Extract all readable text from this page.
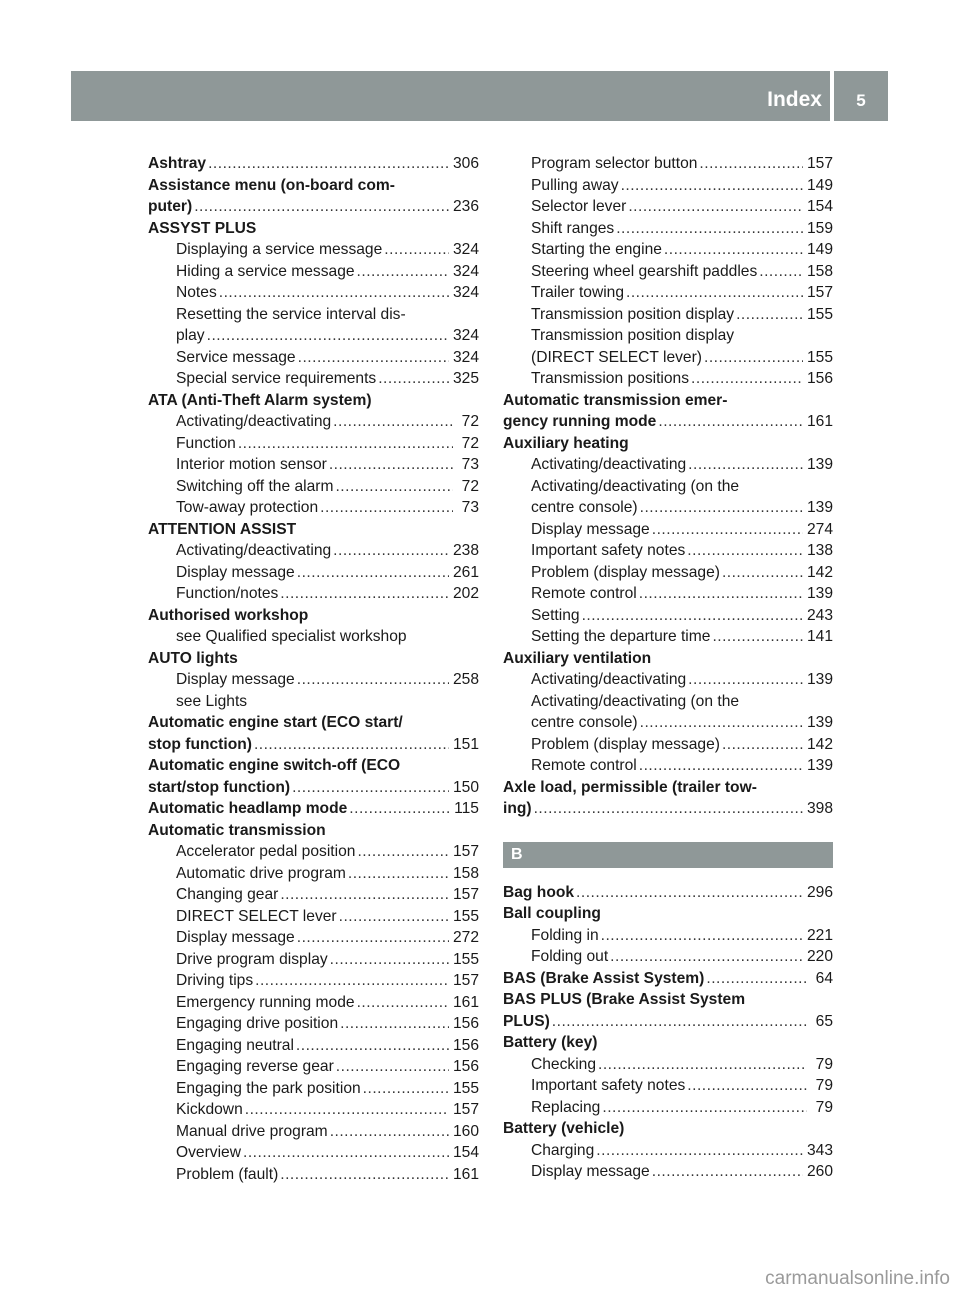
Index	5
Ashtray .....	306
Assistance menu (on-board com-
puter) .....	236
ASSYST PLUS
Displaying a service message .....	324
Hiding a service message .....	324
Notes .....	324
Resetting the service interval dis-
play .....	324
Service message .....	324
Special service requirements .....	325
ATA (Anti-Theft Alarm system)
Activating/deactivating .....	72
Function .....	72
Interior motion sensor .....	73
Switching off the alarm .....	72
Tow-away protection .....	73
ATTENTION ASSIST
Activating/deactivating .....	238
Display message .....	261
Function/notes .....	202
Authorised workshop
see Qualified specialist workshop
AUTO lights
Display message .....	258
see Lights
Automatic engine start (ECO start/
stop function) .....	151
Automatic engine switch-off (ECO
start/stop function) .....	150
Automatic headlamp mode .....	115
Automatic transmission
Accelerator pedal position .....	157
Automatic drive program .....	158
Changing gear .....	157
DIRECT SELECT lever .....	155
Display message .....	272
Drive program display .....	155
Driving tips .....	157
Emergency running mode .....	161
Engaging drive position .....	156
Engaging neutral .....	156
Engaging reverse gear .....	156
Engaging the park position .....	155
Kickdown .....	157
Manual drive program .....	160
Overview .....	154
Problem (fault) .....	161
Program selector button .....	157
Pulling away .....	149
Selector lever .....	154
Shift ranges .....	159
Starting the engine .....	149
Steering wheel gearshift paddles .....	158
Trailer towing .....	157
Transmission position display .....	155
Transmission position display
(DIRECT SELECT lever) .....	155
Transmission positions .....	156
Automatic transmission emer-
gency running mode .....	161
Auxiliary heating
Activating/deactivating .....	139
Activating/deactivating (on the
centre console) .....	139
Display message .....	274
Important safety notes .....	138
Problem (display message) .....	142
Remote control .....	139
Setting .....	243
Setting the departure time .....	141
Auxiliary ventilation
Activating/deactivating .....	139
Activating/deactivating (on the
centre console) .....	139
Problem (display message) .....	142
Remote control .....	139
Axle load, permissible (trailer tow-
ing) .....	398
B
Bag hook .....	296
Ball coupling
Folding in .....	221
Folding out .....	220
BAS (Brake Assist System) .....	64
BAS PLUS (Brake Assist System
PLUS) .....	65
Battery (key)
Checking .....	79
Important safety notes .....	79
Replacing .....	79
Battery (vehicle)
Charging .....	343
Display message .....	260
carmanualsonline.info
